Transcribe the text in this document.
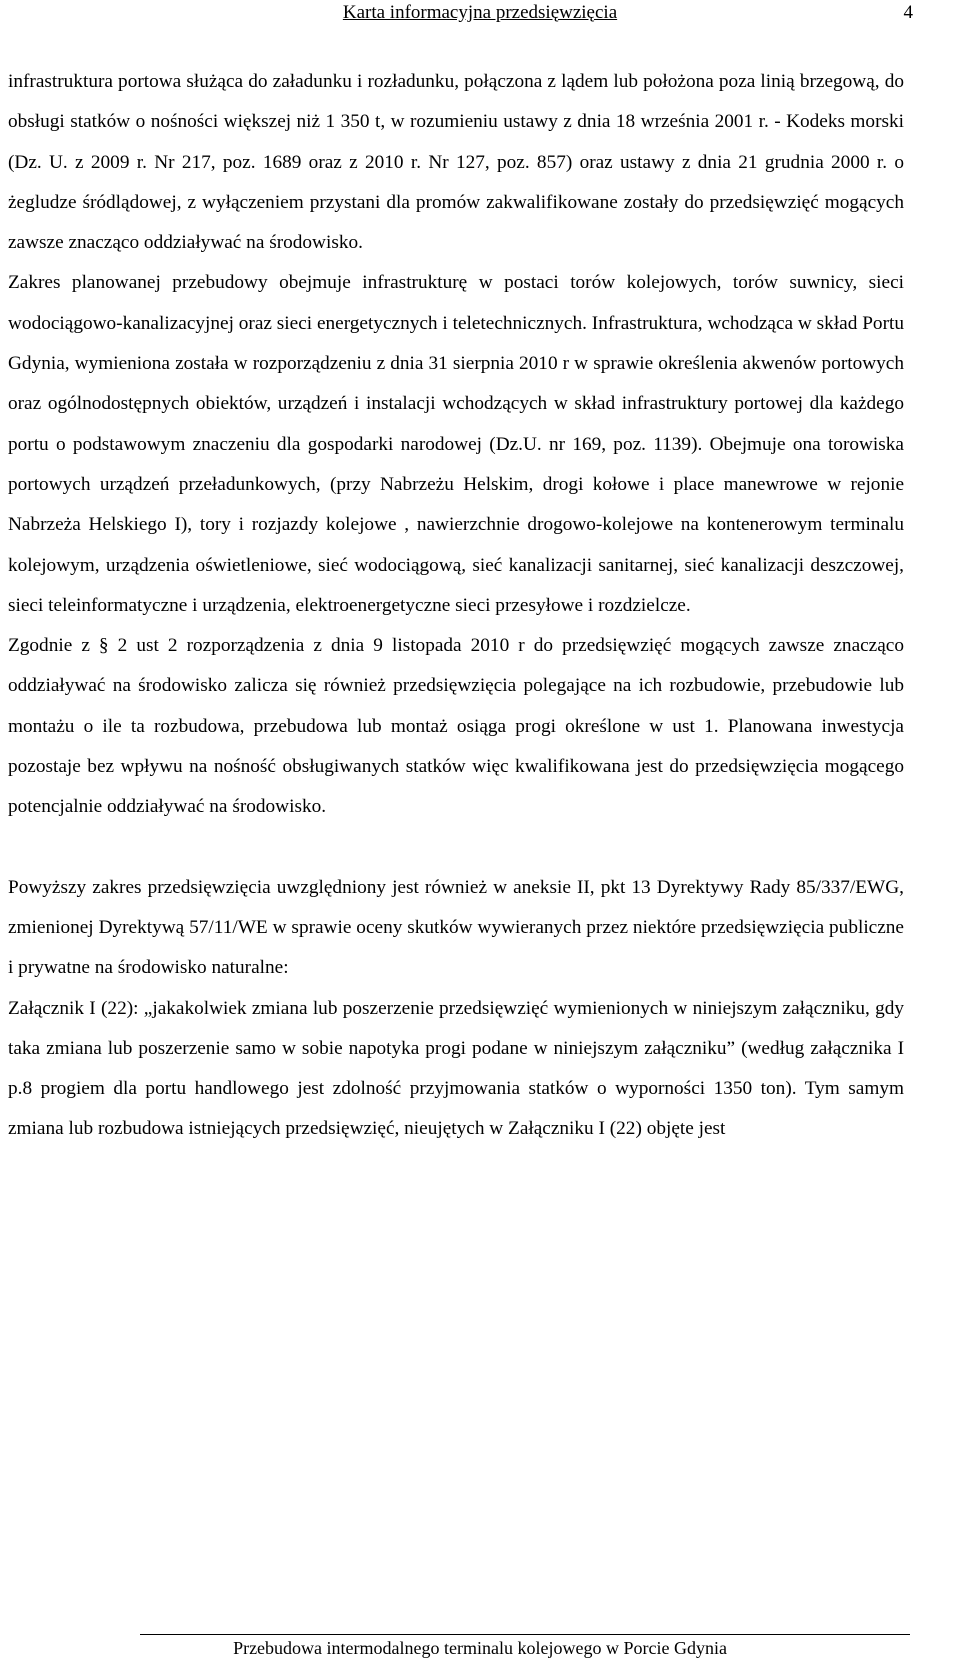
Karta informacyjna przedsięwzięcia	4

infrastruktura portowa służąca do załadunku i rozładunku, połączona z lądem lub położona poza linią brzegową, do obsługi statków o nośności większej niż 1 350 t, w rozumieniu ustawy z dnia 18 września 2001 r. - Kodeks morski (Dz. U. z 2009 r. Nr 217, poz. 1689 oraz z 2010 r. Nr 127, poz. 857) oraz ustawy z dnia 21 grudnia 2000 r. o żegludze śródlądowej, z wyłączeniem przystani dla promów zakwalifikowane zostały do przedsięwzięć mogących zawsze znacząco oddziaływać na środowisko.

Zakres planowanej przebudowy obejmuje infrastrukturę w postaci torów kolejowych, torów suwnicy, sieci wodociągowo-kanalizacyjnej oraz sieci energetycznych i teletechnicznych. Infrastruktura, wchodząca w skład Portu Gdynia, wymieniona została w rozporządzeniu z dnia 31 sierpnia 2010 r w sprawie określenia akwenów portowych oraz ogólnodostępnych obiektów, urządzeń i instalacji wchodzących w skład infrastruktury portowej dla każdego portu o podstawowym znaczeniu dla gospodarki narodowej (Dz.U. nr 169, poz. 1139). Obejmuje ona torowiska portowych urządzeń przeładunkowych, (przy Nabrzeżu Helskim, drogi kołowe i place manewrowe w rejonie Nabrzeża Helskiego I), tory i rozjazdy kolejowe , nawierzchnie drogowo-kolejowe na kontenerowym terminalu kolejowym, urządzenia oświetleniowe, sieć wodociągową, sieć kanalizacji sanitarnej, sieć kanalizacji deszczowej, sieci teleinformatyczne i urządzenia, elektroenergetyczne sieci przesyłowe i rozdzielcze.

Zgodnie z § 2 ust 2 rozporządzenia z dnia 9 listopada 2010 r do przedsięwzięć mogących zawsze znacząco oddziaływać na środowisko zalicza się również przedsięwzięcia polegające na ich rozbudowie, przebudowie lub montażu o ile ta rozbudowa, przebudowa lub montaż osiąga progi określone w ust 1. Planowana inwestycja pozostaje bez wpływu na nośność obsługiwanych statków więc kwalifikowana jest do przedsięwzięcia mogącego potencjalnie oddziaływać na środowisko.

Powyższy zakres przedsięwzięcia uwzględniony jest również w aneksie II, pkt 13 Dyrektywy Rady 85/337/EWG, zmienionej Dyrektywą 57/11/WE w sprawie oceny skutków wywieranych przez niektóre przedsięwzięcia publiczne i prywatne na środowisko naturalne:

Załącznik I (22): „jakakolwiek zmiana lub poszerzenie przedsięwzięć wymienionych w niniejszym załączniku, gdy taka zmiana lub poszerzenie samo w sobie napotyka progi podane w niniejszym załączniku” (według załącznika I p.8 progiem dla portu handlowego jest zdolność przyjmowania statków o wyporności 1350 ton). Tym samym zmiana lub rozbudowa istniejących przedsięwzięć, nieujętych w Załączniku I (22) objęte jest

Przebudowa intermodalnego terminalu kolejowego w Porcie Gdynia
